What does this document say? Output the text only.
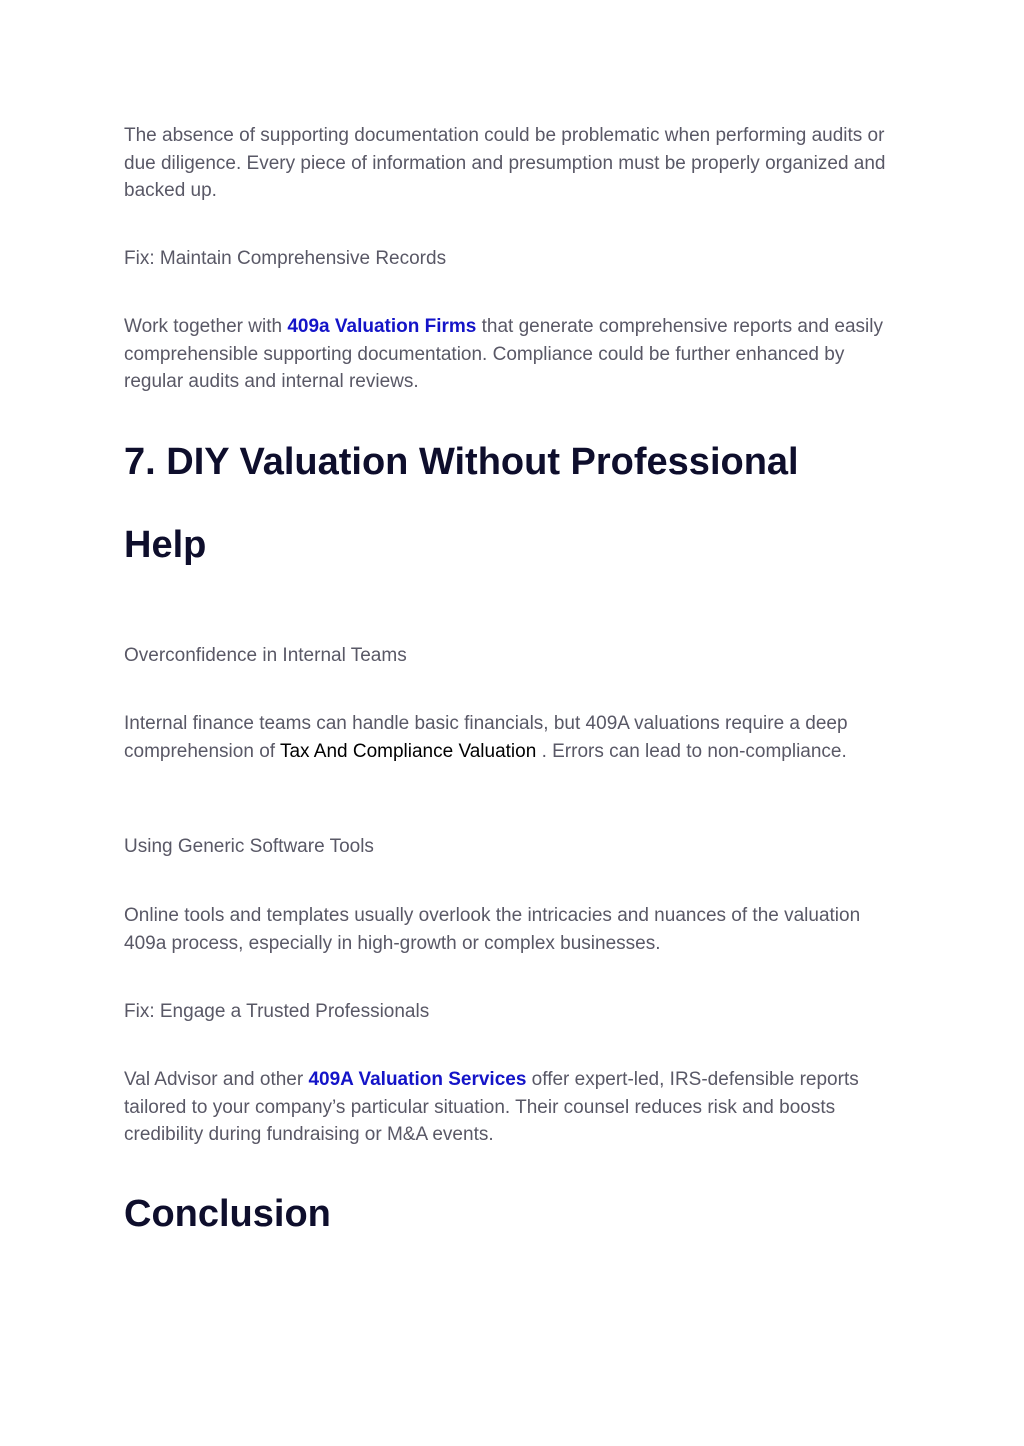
The absence of supporting documentation could be problematic when performing audits or due diligence. Every piece of information and presumption must be properly organized and backed up.

Fix: Maintain Comprehensive Records

Work together with 409a Valuation Firms that generate comprehensive reports and easily comprehensible supporting documentation. Compliance could be further enhanced by regular audits and internal reviews.

7. DIY Valuation Without Professional
Help

Overconfidence in Internal Teams

Internal finance teams can handle basic financials, but 409A valuations require a deep comprehension of Tax And Compliance Valuation . Errors can lead to non-compliance.

Using Generic Software Tools

Online tools and templates usually overlook the intricacies and nuances of the valuation 409a process, especially in high-growth or complex businesses.

Fix: Engage a Trusted Professionals

Val Advisor and other 409A Valuation Services offer expert-led, IRS-defensible reports tailored to your company’s particular situation. Their counsel reduces risk and boosts credibility during fundraising or M&A events.

Conclusion
